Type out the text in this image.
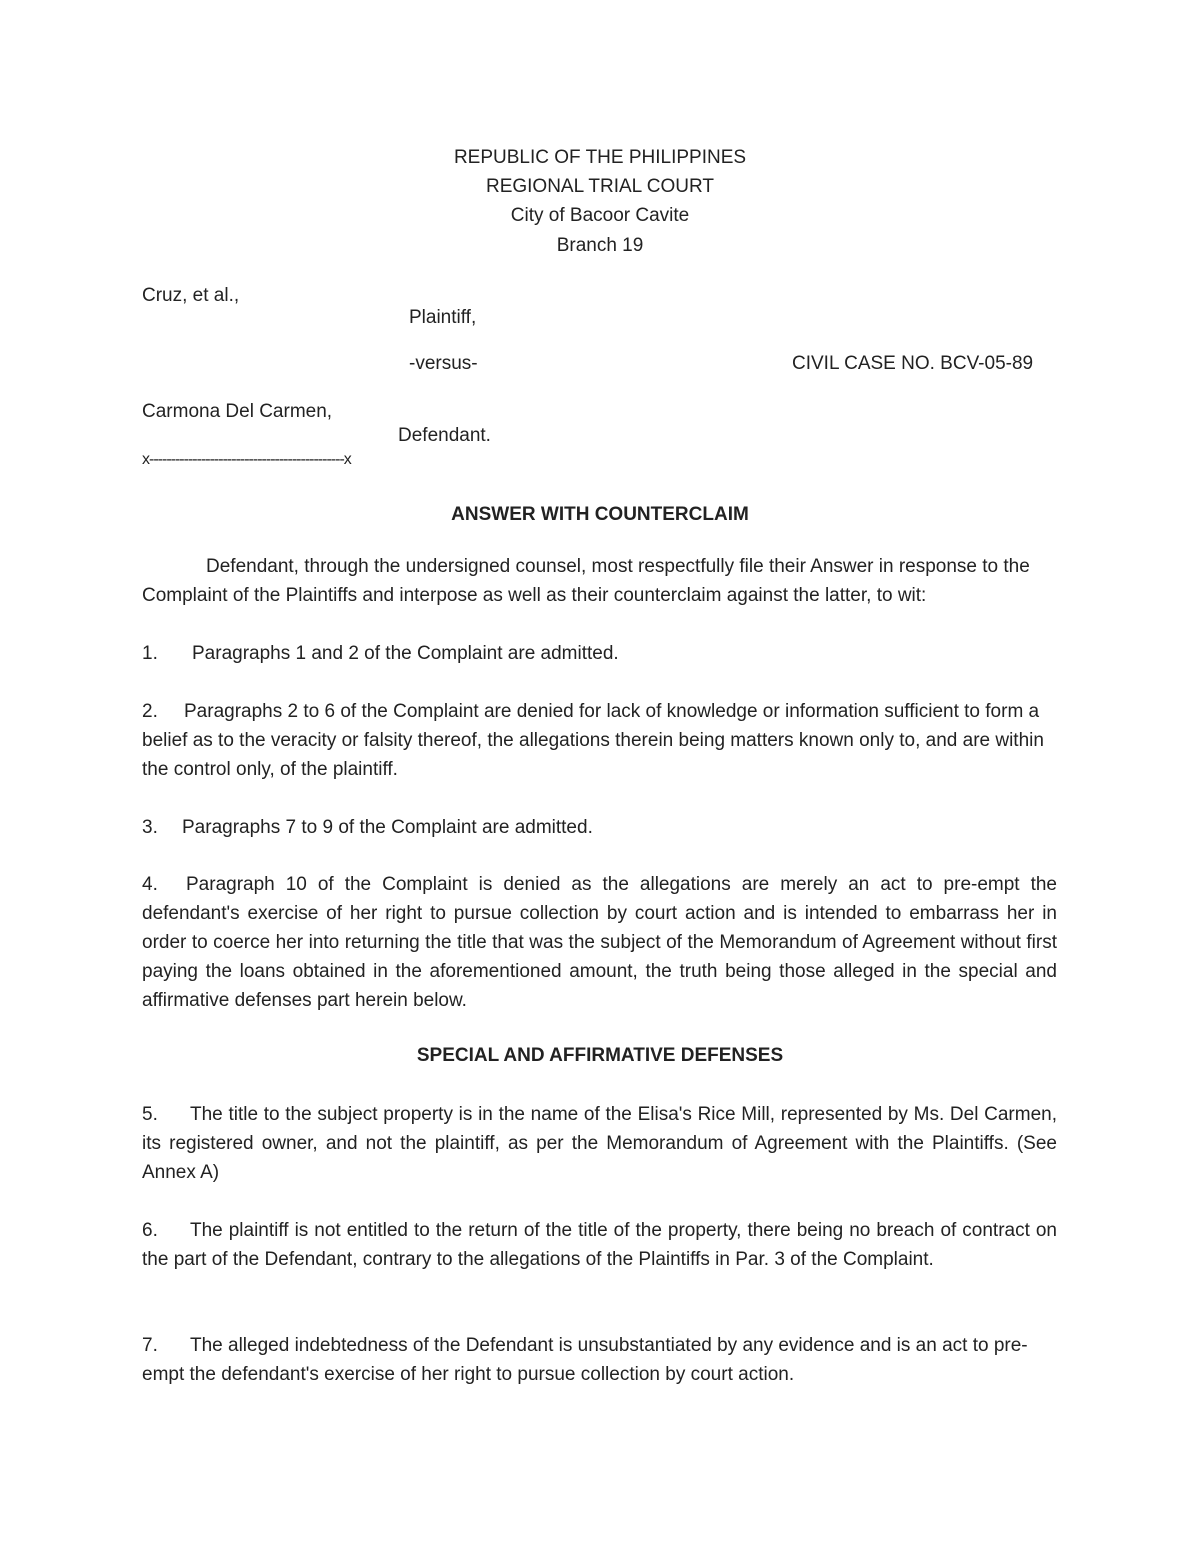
REPUBLIC OF THE PHILIPPINES
REGIONAL TRIAL COURT
City of Bacoor Cavite
Branch 19
Cruz, et al.,
Plaintiff,
-versus-	CIVIL CASE NO. BCV-05-89
Carmona Del Carmen,
Defendant.
x---------------------------------------------x
ANSWER WITH COUNTERCLAIM
Defendant, through the undersigned counsel, most respectfully file their Answer in response to the Complaint of the Plaintiffs and interpose as well as their counterclaim against the latter, to wit:
1. Paragraphs 1 and 2 of the Complaint are admitted.
2. Paragraphs 2 to 6 of the Complaint are denied for lack of knowledge or information sufficient to form a belief as to the veracity or falsity thereof, the allegations therein being matters known only to, and are within the control only, of the plaintiff.
3. Paragraphs 7 to 9 of the Complaint are admitted.
4. Paragraph 10 of the Complaint is denied as the allegations are merely an act to pre-empt the defendant's exercise of her right to pursue collection by court action and is intended to embarrass her in order to coerce her into returning the title that was the subject of the Memorandum of Agreement without first paying the loans obtained in the aforementioned amount, the truth being those alleged in the special and affirmative defenses part herein below.
SPECIAL AND AFFIRMATIVE DEFENSES
5. The title to the subject property is in the name of the Elisa's Rice Mill, represented by Ms. Del Carmen, its registered owner, and not the plaintiff, as per the Memorandum of Agreement with the Plaintiffs. (See Annex A)
6. The plaintiff is not entitled to the return of the title of the property, there being no breach of contract on the part of the Defendant, contrary to the allegations of the Plaintiffs in Par. 3 of the Complaint.
7. The alleged indebtedness of the Defendant is unsubstantiated by any evidence and is an act to pre-empt the defendant's exercise of her right to pursue collection by court action.
